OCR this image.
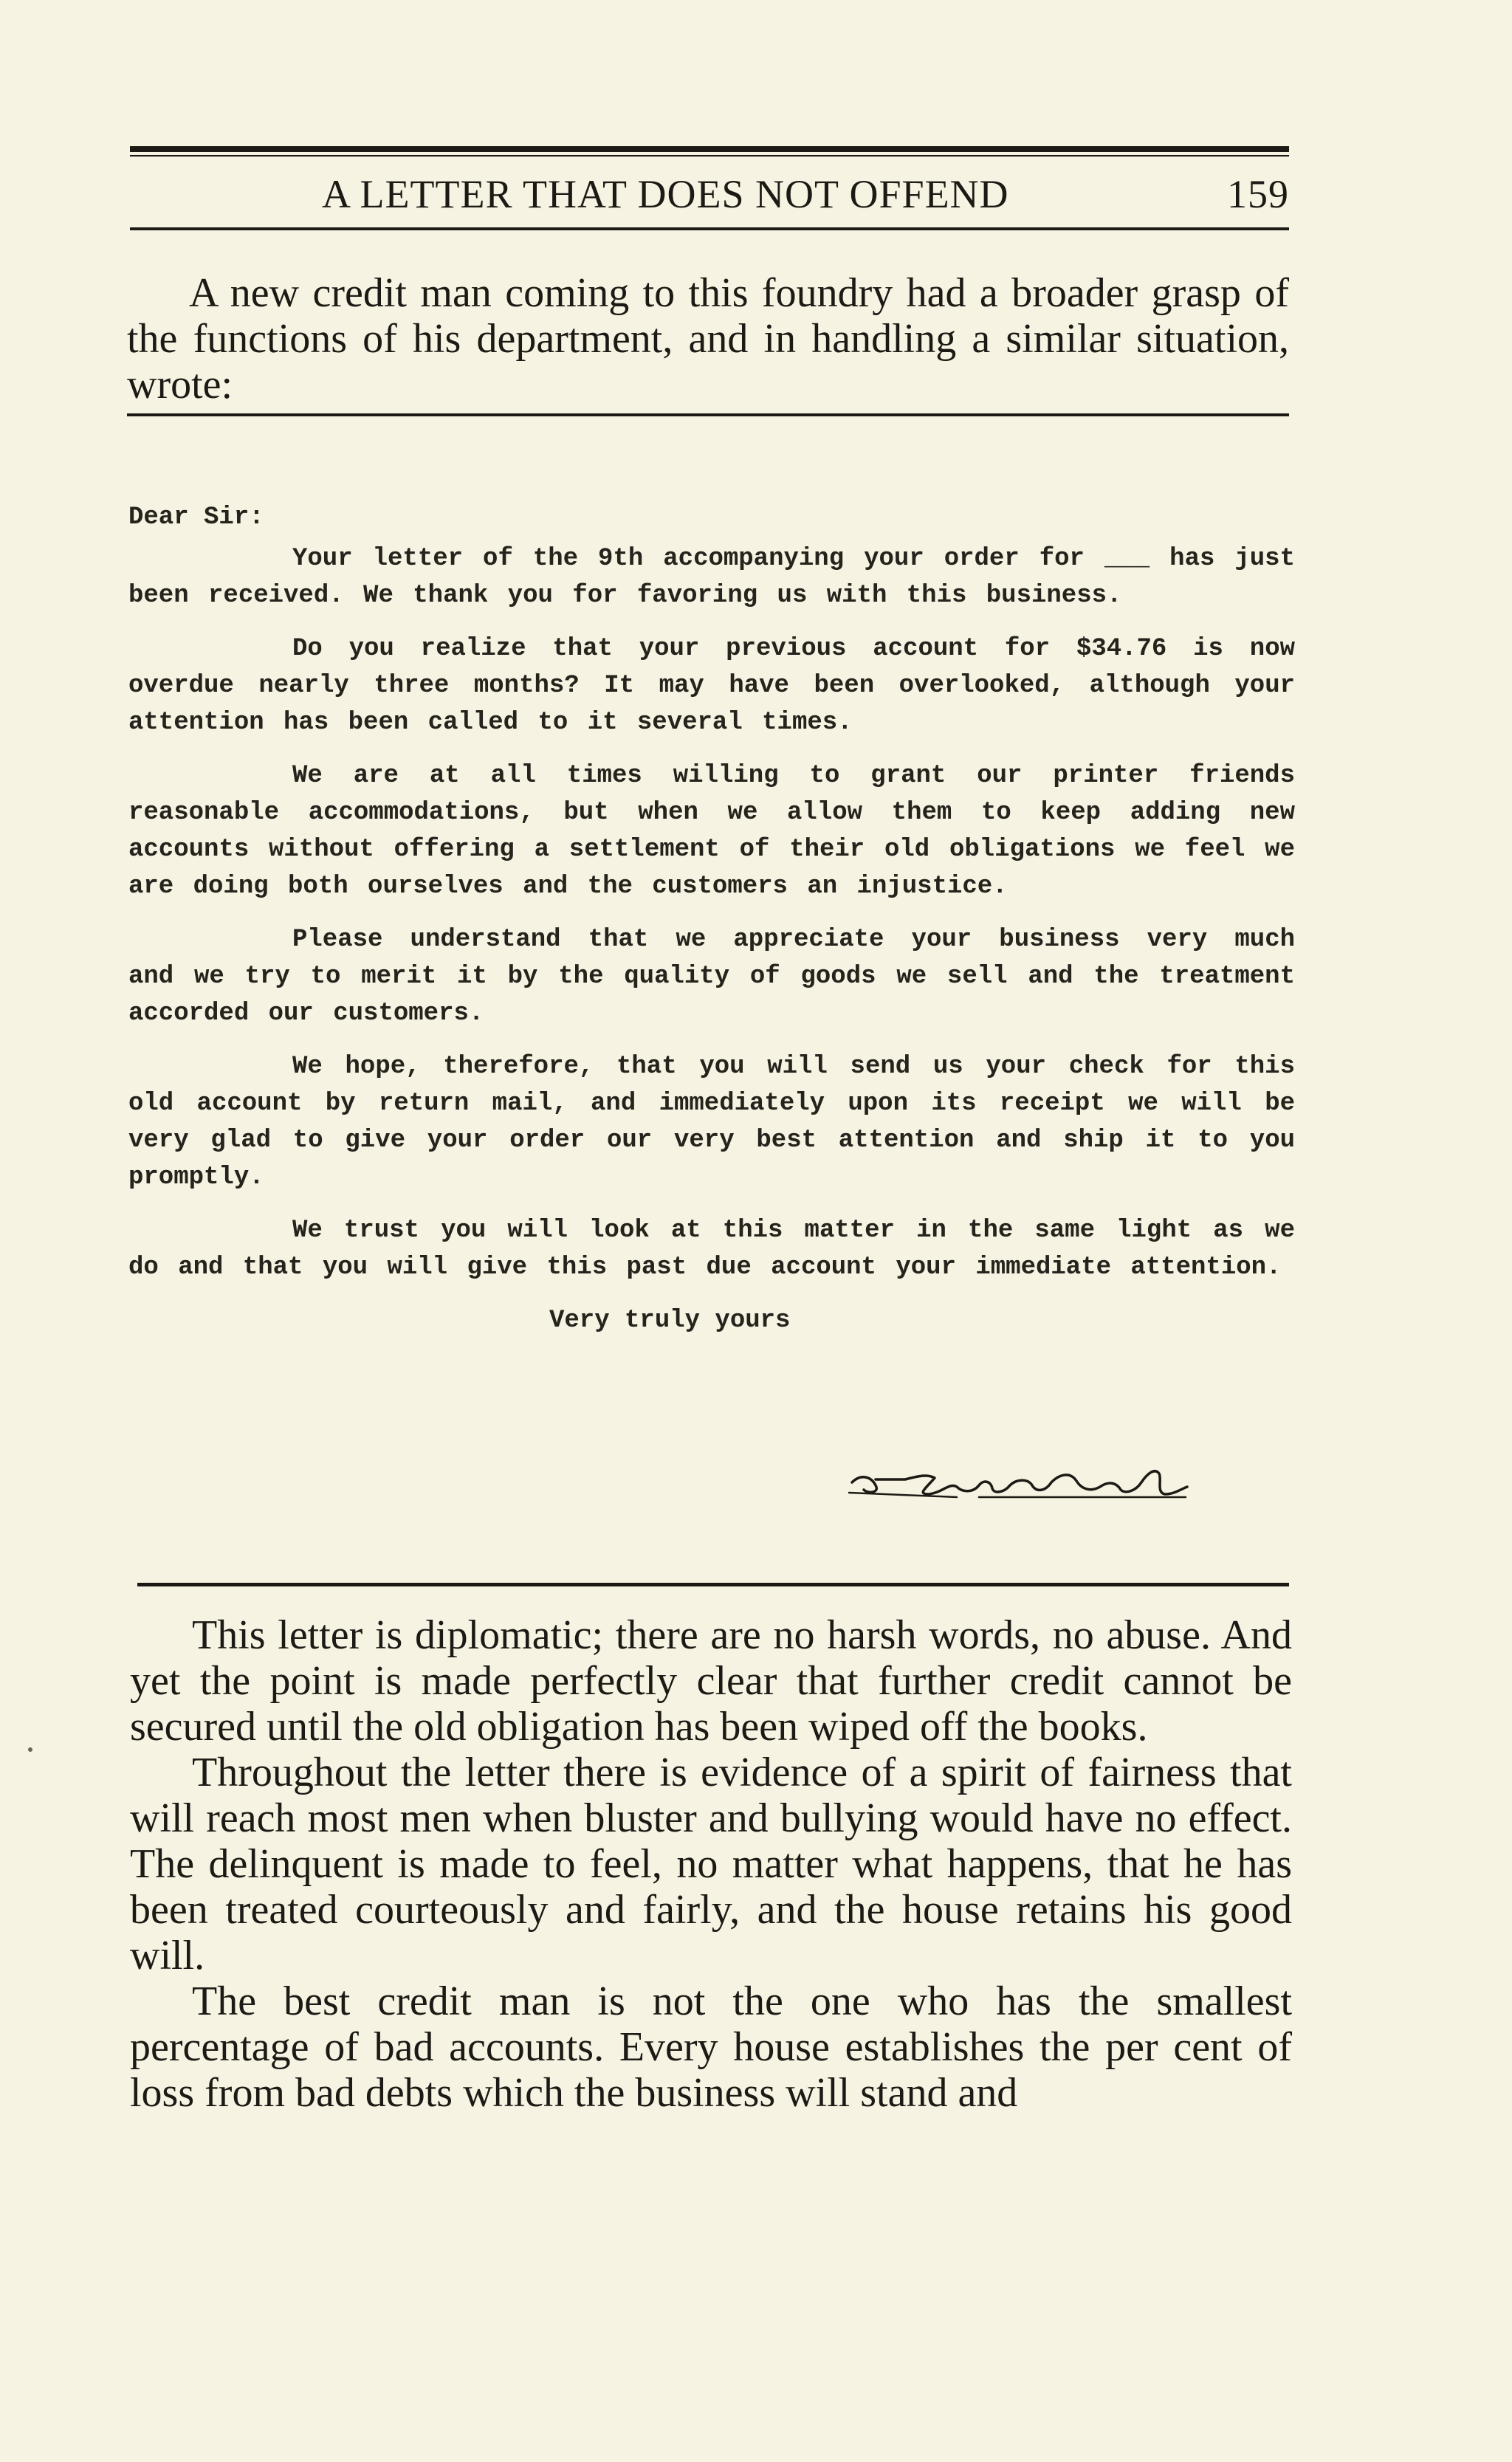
A LETTER THAT DOES NOT OFFEND	159

A new credit man coming to this foundry had a broader grasp of the functions of his department, and in handling a similar situation, wrote:

Dear Sir:

Your letter of the 9th accompanying your order for ___ has just been received. We thank you for favoring us with this business.

Do you realize that your previous account for $34.76 is now overdue nearly three months? It may have been overlooked, although your attention has been called to it several times.

We are at all times willing to grant our printer friends reasonable accommodations, but when we allow them to keep adding new accounts without offering a settlement of their old obligations we feel we are doing both ourselves and the customers an injustice.

Please understand that we appreciate your business very much and we try to merit it by the quality of goods we sell and the treatment accorded our customers.

We hope, therefore, that you will send us your check for this old account by return mail, and immediately upon its receipt we will be very glad to give your order our very best attention and ship it to you promptly.

We trust you will look at this matter in the same light as we do and that you will give this past due account your immediate attention.

Very truly yours

This letter is diplomatic; there are no harsh words, no abuse. And yet the point is made perfectly clear that further credit cannot be secured until the old obligation has been wiped off the books.

Throughout the letter there is evidence of a spirit of fairness that will reach most men when bluster and bullying would have no effect. The delinquent is made to feel, no matter what happens, that he has been treated courteously and fairly, and the house retains his good will.

The best credit man is not the one who has the smallest percentage of bad accounts. Every house establishes the per cent of loss from bad debts which the business will stand and
